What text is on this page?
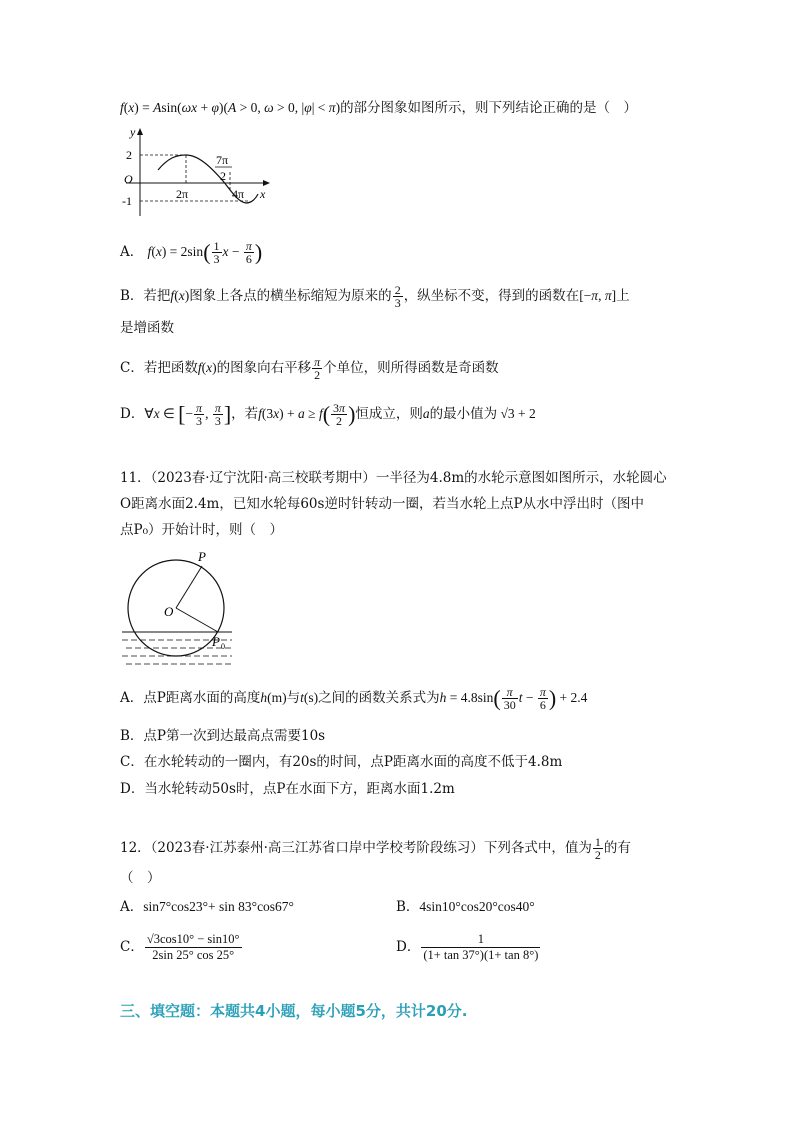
f(x) = Asin(ωx + φ)(A > 0, ω > 0, |φ| < π)的部分图象如图所示，则下列结论正确的是（　）
y
x
O
2
-1	2π	4π
7π
2
A． $f(x) = 2\sin( \frac{1}{3}$ $x - \frac{\pi}{6}$ )
B．若把f(x)图象上各点的横坐标缩短为原来的 $\frac{2}{3}$ ，纵坐标不变，得到的函数在[−π, π]上
是增函数
C．若把函数f(x)的图象向右平移 $\frac{\pi}{2}$ 个单位，则所得函数是奇函数
D．∀x ∈ [− $\frac{\pi}{3}$ , $\frac{\pi}{3}$ ]，若$f(3x) + a \ge f( \frac{3\pi}{2}$ )恒成立，则a的最小值为 √3 + 2
11．（2023春·辽宁沈阳·高三校联考期中）一半径为4.8m的水轮示意图如图所示，水轮圆心
O距离水面2.4m，已知水轮每60s逆时针转动一圈，若当水轮上点P从水中浮出时（图中
点P₀）开始计时，则（　）
P
O
P 0
A．点P距离水面的高度h(m)与t(s)之间的函数关系式为$h = 4.8\sin( \frac{\pi}{30}$ $t - \frac{\pi}{6}$ ) + 2.4
B．点P第一次到达最高点需要10s
C．在水轮转动的一圈内，有20s的时间，点P距离水面的高度不低于4.8m
D．当水轮转动50s时，点P在水面下方，距离水面1.2m
12．（2023春·江苏泰州·高三江苏省口岸中学校考阶段练习）下列各式中，值为 $\frac{1}{2}$ 的有
（　）
A．sin7°cos23°+ sin 83°cos67°	B．4sin10°cos20°cos40°
C． $\frac{√3\cos 10^\circ - \sin 10^\circ}{2\sin 25^\circ \cos 25^\circ}$	D． $\frac{1}{(1+ \tan 37^\circ)(1+ \tan 8^\circ)}$
三、填空题：本题共4小题，每小题5分，共计20分.
